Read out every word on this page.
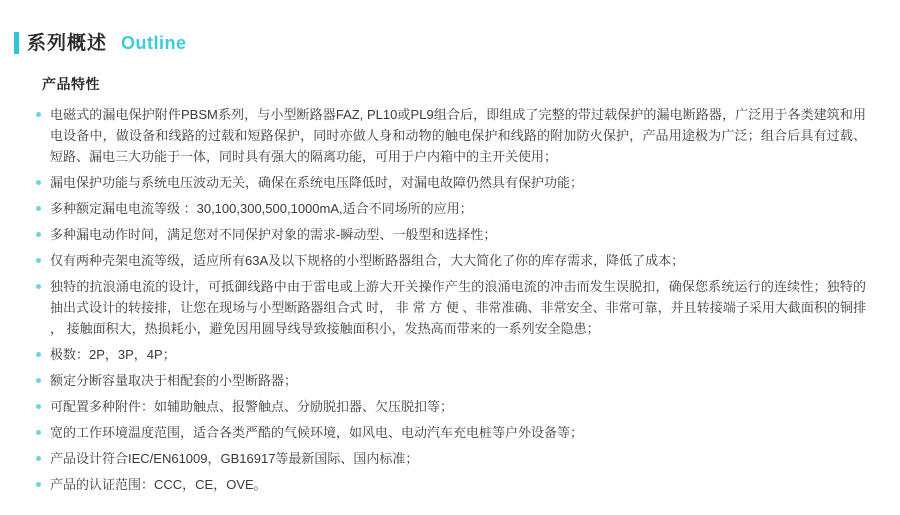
系列概述 Outline
产品特性
电磁式的漏电保护附件PBSM系列，与小型断路器FAZ, PL10或PL9组合后，即组成了完整的带过载保护的漏电断路器，广泛用于各类建筑和用电设备中，做设备和线路的过载和短路保护，同时亦做人身和动物的触电保护和线路的附加防火保护，产品用途极为广泛；组合后具有过载、短路、漏电三大功能于一体，同时具有强大的隔离功能，可用于户内箱中的主开关使用；
漏电保护功能与系统电压波动无关，确保在系统电压降低时，对漏电故障仍然具有保护功能；
多种额定漏电电流等级 ：30,100,300,500,1000mA,适合不同场所的应用；
多种漏电动作时间，满足您对不同保护对象的需求-瞬动型、一般型和选择性；
仅有两种壳架电流等级，适应所有63A及以下规格的小型断路器组合，大大简化了你的库存需求，降低了成本；
独特的抗浪涌电流的设计，可抵御线路中由于雷电或上游大开关操作产生的浪涌电流的冲击而发生误脱扣，确保您系统运行的连续性；独特的抽出式设计的转接排，让您在现场与小型断路器组合式 时， 非 常 方 便 、非常准确、非常安全、非常可靠，并且转接端子采用大截面积的铜排 ， 接触面积大，热损耗小，避免因用圆导线导致接触面积小，发热高而带来的一系列安全隐患；
极数：2P，3P，4P；
额定分断容量取决于相配套的小型断路器；
可配置多种附件：如辅助触点、报警触点、分励脱扣器、欠压脱扣等；
宽的工作环境温度范围，适合各类严酷的气候环境，如风电、电动汽车充电桩等户外设备等；
产品设计符合IEC/EN61009，GB16917等最新国际、国内标准；
产品的认证范围：CCC，CE，OVE。
